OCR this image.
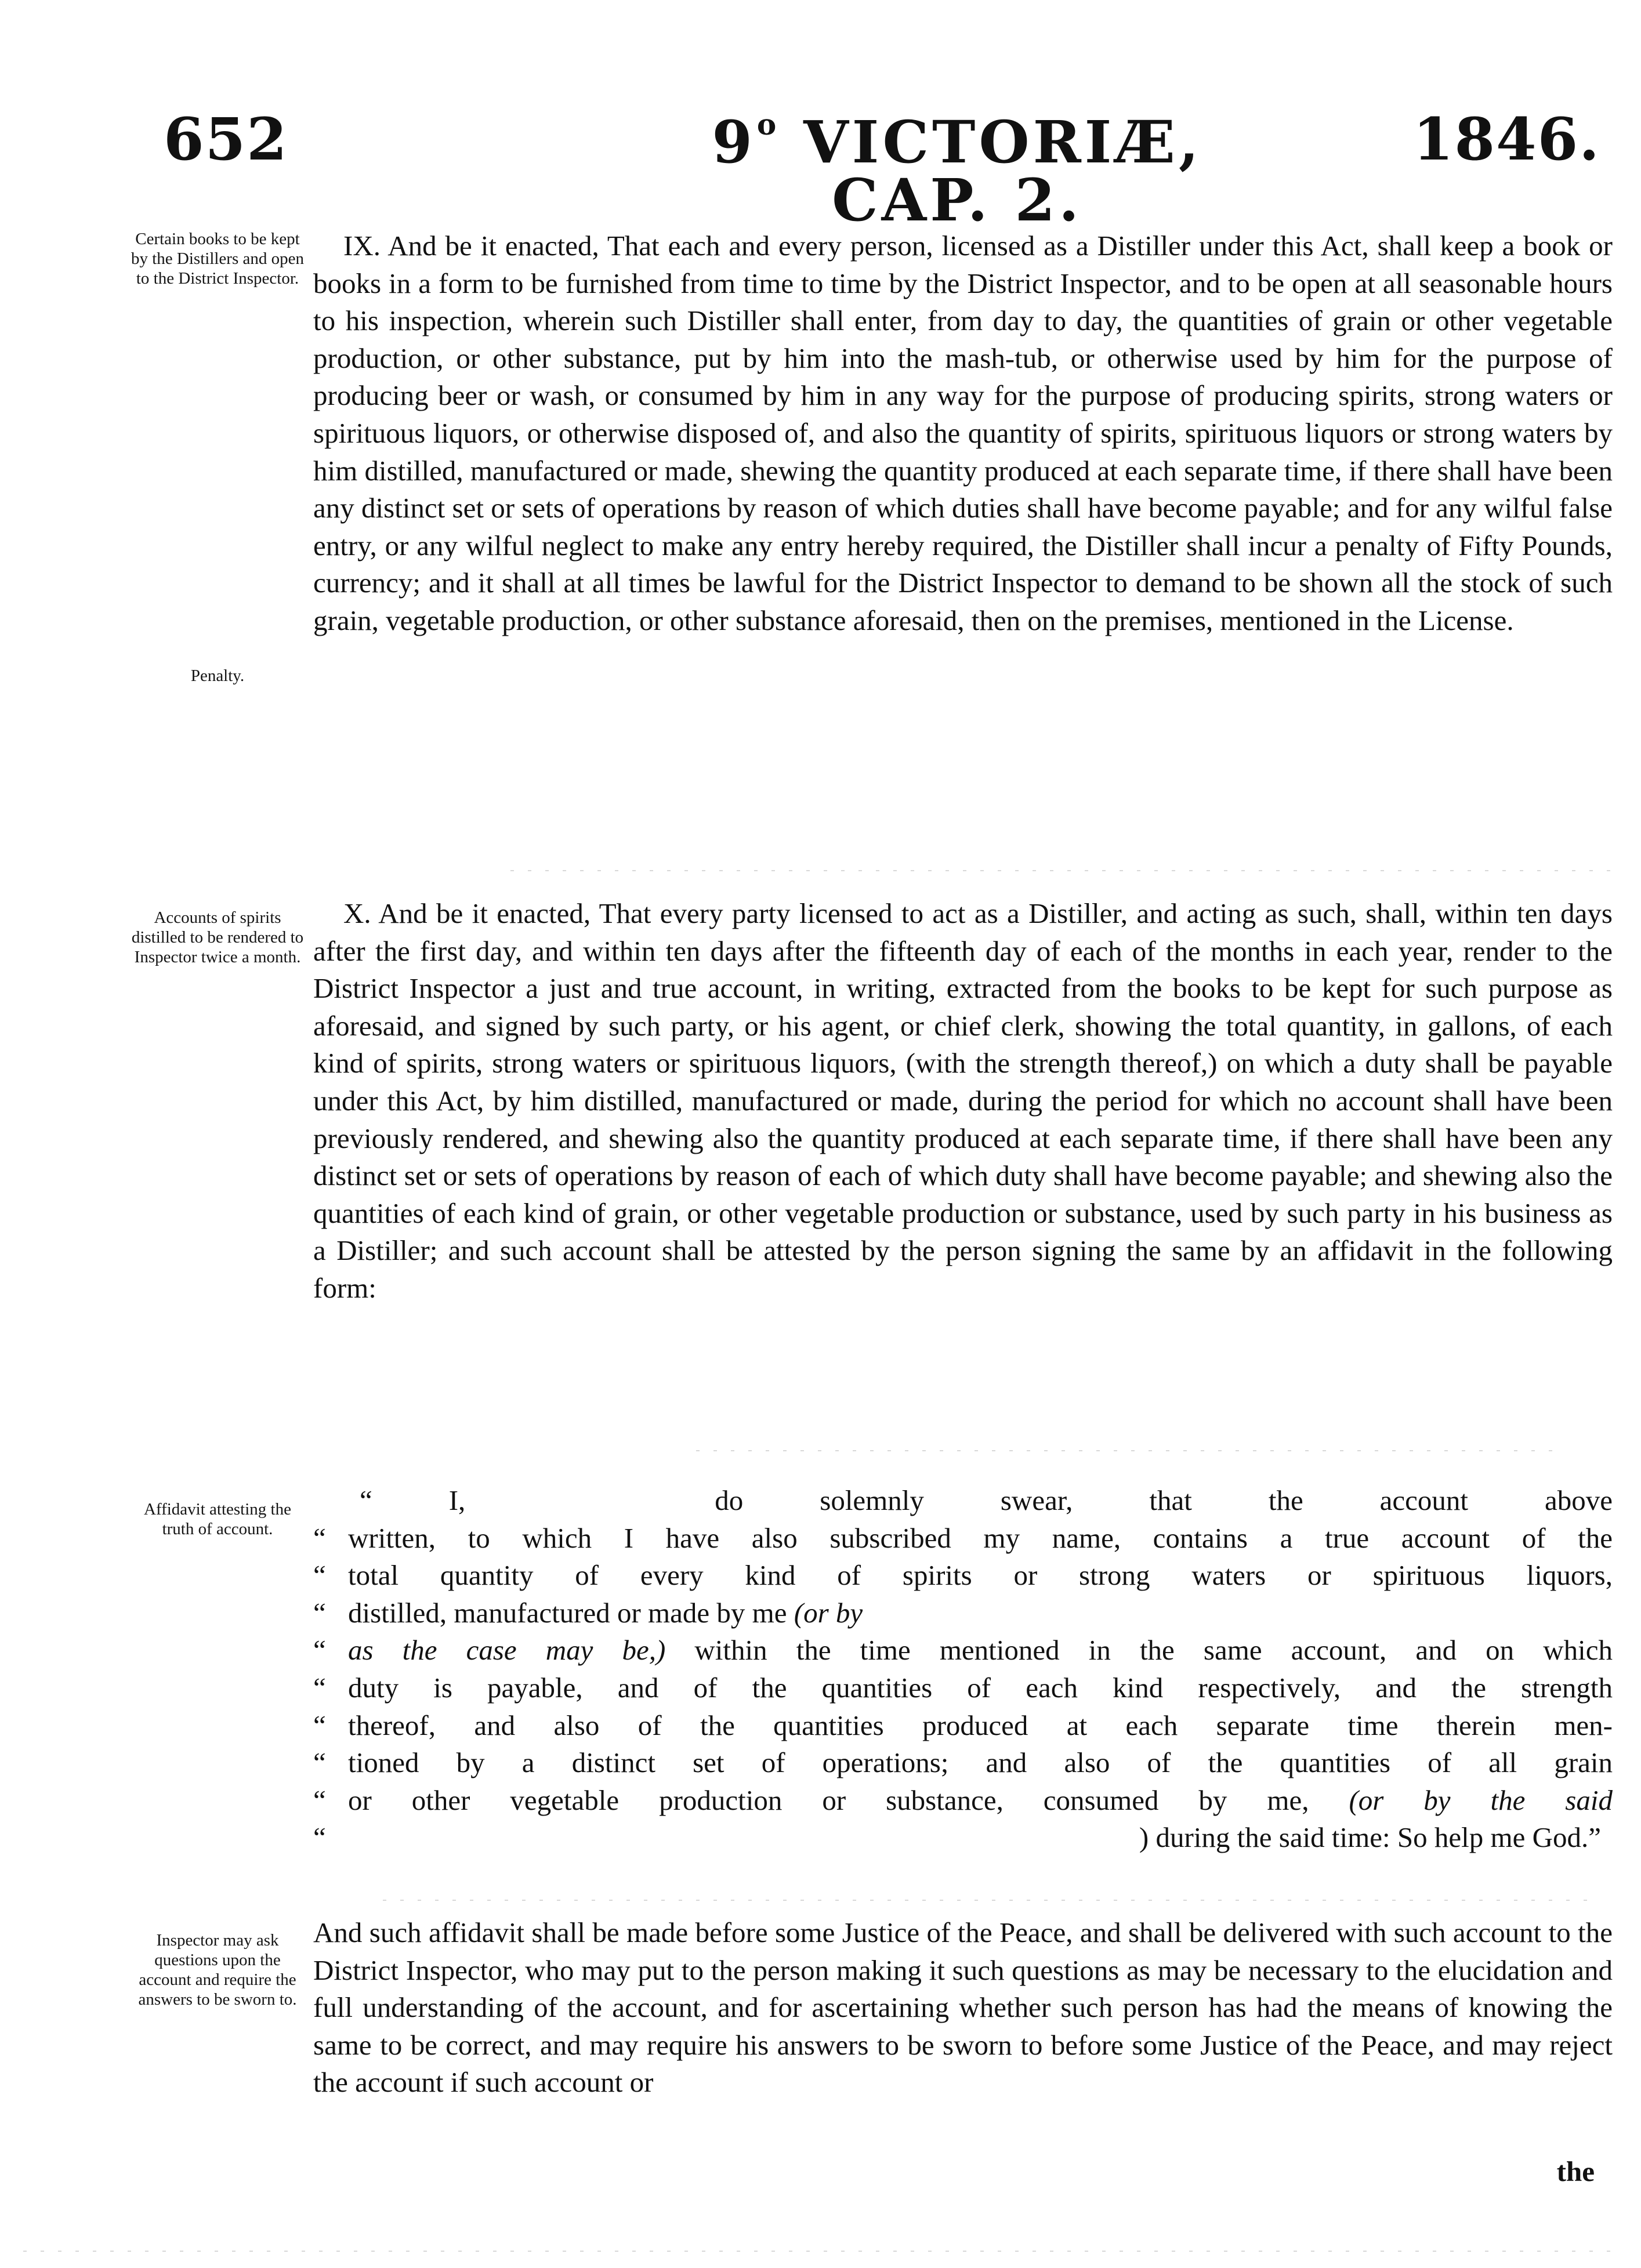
652	9$^o$ VICTORIÆ, CAP. 2.
1846.
Certain books to be kept by the Distillers and open to the District Inspector.
Penalty.
Accounts of spirits distilled to be rendered to Inspector twice a month.
Affidavit attesting the truth of account.
Inspector may ask questions upon the account and require the answers to be sworn to.
IX. And be it enacted, That each and every person, licensed as a Distiller under this Act, shall keep a book or books in a form to be furnished from time to time by the District Inspector, and to be open at all seasonable hours to his inspection, wherein such Distiller shall enter, from day to day, the quantities of grain or other vegetable production, or other substance, put by him into the mash-tub, or otherwise used by him for the purpose of producing beer or wash, or consumed by him in any way for the purpose of producing spirits, strong waters or spirituous liquors, or otherwise disposed of, and also the quantity of spirits, spirituous liquors or strong waters by him distilled, manufactured or made, shewing the quantity produced at each separate time, if there shall have been any distinct set or sets of operations by reason of which duties shall have become payable; and for any wilful false entry, or any wilful neglect to make any entry hereby required, the Distiller shall incur a penalty of Fifty Pounds, currency; and it shall at all times be lawful for the District Inspector to demand to be shown all the stock of such grain, vegetable production, or other substance aforesaid, then on the premises, mentioned in the License.
X. And be it enacted, That every party licensed to act as a Distiller, and acting as such, shall, within ten days after the first day, and within ten days after the fifteenth day of each of the months in each year, render to the District Inspector a just and true account, in writing, extracted from the books to be kept for such purpose as aforesaid, and signed by such party, or his agent, or chief clerk, showing the total quantity, in gallons, of each kind of spirits, strong waters or spirituous liquors, (with the strength thereof,) on which a duty shall be payable under this Act, by him distilled, manufactured or made, during the period for which no account shall have been previously rendered, and shewing also the quantity produced at each separate time, if there shall have been any distinct set or sets of operations by reason of each of which duty shall have become payable; and shewing also the quantities of each kind of grain, or other vegetable production or substance, used by such party in his business as a Distiller; and such account shall be attested by the person signing the same by an affidavit in the following form:
“ I,	do solemnly swear, that the account above
“ written, to which I have also subscribed my name, contains a true account of the
“ total quantity of every kind of spirits or strong waters or spirituous liquors,
“ distilled, manufactured or made by me (or by
“ as the case may be,) within the time mentioned in the same account, and on which
“ duty is payable, and of the quantities of each kind respectively, and the strength
“ thereof, and also of the quantities produced at each separate time therein men-
“ tioned by a distinct set of operations; and also of the quantities of all grain
“ or other vegetable production or substance, consumed by me, (or by the said
“	) during the said time: So help me God.”
And such affidavit shall be made before some Justice of the Peace, and shall be delivered with such account to the District Inspector, who may put to the person making it such questions as may be necessary to the elucidation and full understanding of the account, and for ascertaining whether such person has had the means of knowing the same to be correct, and may require his answers to be sworn to before some Justice of the Peace, and may reject the account if such account or
the
